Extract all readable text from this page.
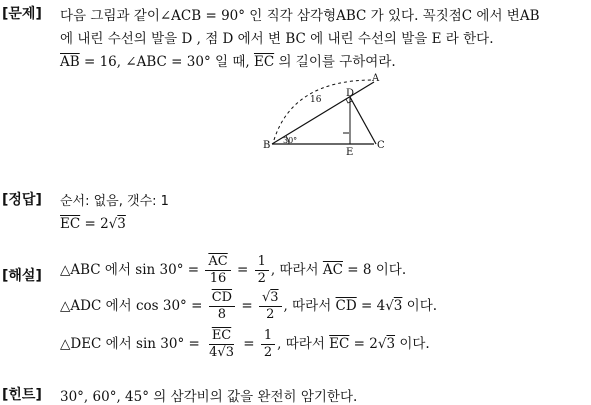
[문제] 다음 그림과 같이∠ACB = 90° 인 직각 삼각형ABC 가 있다. 꼭짓점C 에서 변AB
에 내린 수선의 발을 D , 점 D 에서 변 BC 에 내린 수선의 발을 E 라 한다.
$\overline{AB} = 16$, ∠ABC = 30° 일 때, $\overline{EC}$ 의 길이를 구하여라.
A
B	C
D
E
16
30°
[정답] 순서: 없음, 갯수: 1
$\overline{EC} = 2√3$
[해설] △ABC 에서 $\sin 30^\circ = \frac{\overline{AC}}{16} = \frac{1}{2}$ , 따라서 $\overline{AC} = 8$ 이다.
△ADC 에서 $\cos 30^\circ = \frac{\overline{CD}}{8} = \frac{√3}{2}$ , 따라서 $\overline{CD} = 4√3$ 이다.
△DEC 에서 $\sin 30^\circ = \frac{\overline{EC}}{4√3} = \frac{1}{2}$ , 따라서 $\overline{EC} = 2√3$ 이다.
[힌트] 30°, 60°, 45° 의 삼각비의 값을 완전히 암기한다.
